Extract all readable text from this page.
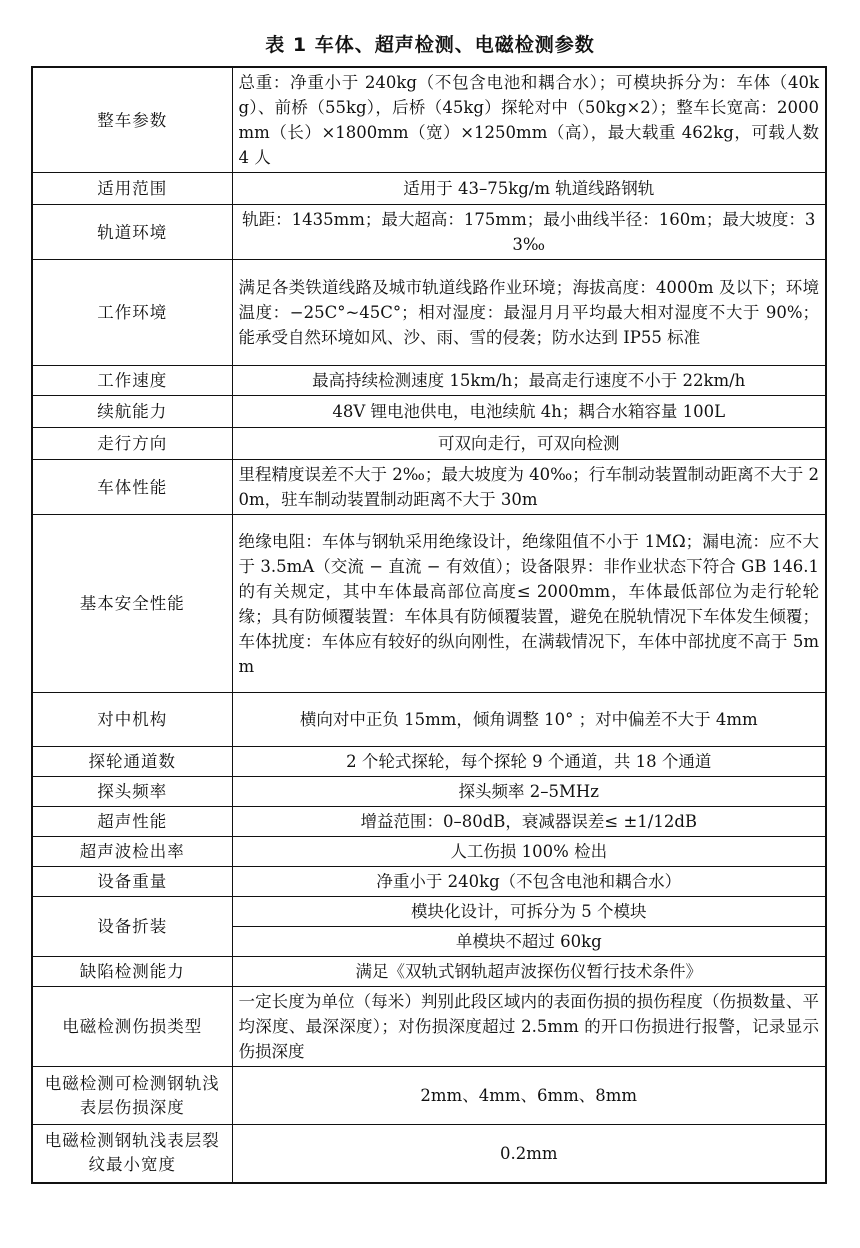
表 1 车体、超声检测、电磁检测参数
整车参数	总重：净重小于 240kg（不包含电池和耦合水）；可模块拆分为：车体（40kg）、前桥（55kg），后桥（45kg）探轮对中（50kg×2）；整车长宽高：2000mm（长）×1800mm（宽）×1250mm（高），最大载重 462kg，可载人数 4 人
适用范围	适用于 43–75kg/m 轨道线路钢轨
轨道环境	轨距：1435mm；最大超高：175mm；最小曲线半径：160m；最大坡度：33‰
工作环境	满足各类铁道线路及城市轨道线路作业环境；海拔高度：4000m 及以下；环境温度：−25C°~45C°；相对湿度：最湿月月平均最大相对湿度不大于 90%；能承受自然环境如风、沙、雨、雪的侵袭；防水达到 IP55 标准
工作速度	最高持续检测速度 15km/h；最高走行速度不小于 22km/h
续航能力	48V 锂电池供电，电池续航 4h；耦合水箱容量 100L
走行方向	可双向走行，可双向检测
车体性能	里程精度误差不大于 2‰；最大坡度为 40‰；行车制动装置制动距离不大于 20m，驻车制动装置制动距离不大于 30m
基本安全性能	绝缘电阻：车体与钢轨采用绝缘设计，绝缘阻值不小于 1MΩ；漏电流：应不大于 3.5mA（交流 − 直流 − 有效值）；设备限界：非作业状态下符合 GB 146.1 的有关规定，其中车体最高部位高度≤ 2000mm，车体最低部位为走行轮轮缘；具有防倾覆装置：车体具有防倾覆装置，避免在脱轨情况下车体发生倾覆；车体扰度：车体应有较好的纵向刚性，在满载情况下，车体中部扰度不高于 5mm
对中机构	横向对中正负 15mm，倾角调整 10° ；对中偏差不大于 4mm
探轮通道数	2 个轮式探轮，每个探轮 9 个通道，共 18 个通道
探头频率	探头频率 2–5MHz
超声性能	增益范围：0–80dB，衰减器误差≤ ±1/12dB
超声波检出率	人工伤损 100% 检出
设备重量	净重小于 240kg（不包含电池和耦合水）
设备折装	模块化设计，可拆分为 5 个模块
	单模块不超过 60kg
缺陷检测能力	满足《双轨式钢轨超声波探伤仪暂行技术条件》
电磁检测伤损类型	一定长度为单位（每米）判别此段区域内的表面伤损的损伤程度（伤损数量、平均深度、最深深度）；对伤损深度超过 2.5mm 的开口伤损进行报警，记录显示伤损深度
电磁检测可检测钢轨浅表层伤损深度	2mm、4mm、6mm、8mm
电磁检测钢轨浅表层裂纹最小宽度	0.2mm
